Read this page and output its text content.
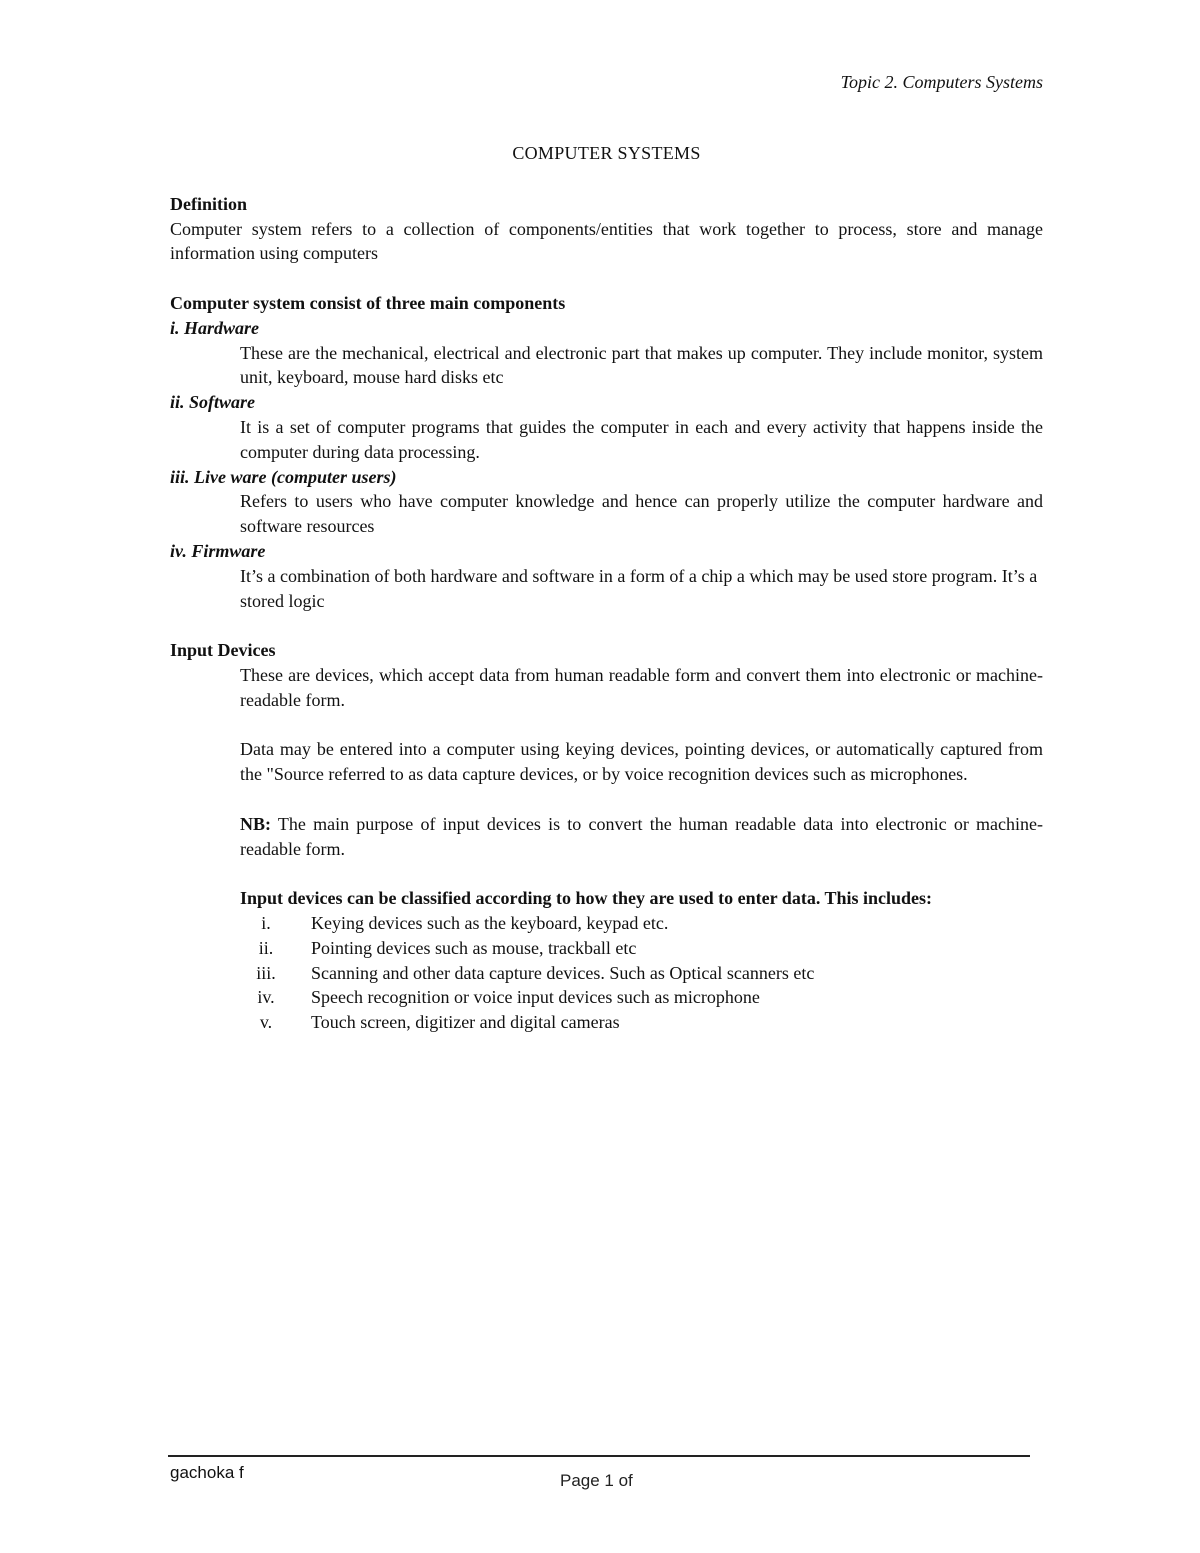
Topic 2. Computers Systems

COMPUTER SYSTEMS

Definition

Computer system refers to a collection of components/entities that work together to process, store and manage information using computers

Computer system consist of three main components

i. Hardware

These are the mechanical, electrical and electronic part that makes up computer. They include monitor, system unit, keyboard, mouse hard disks etc

ii. Software

It is a set of computer programs that guides the computer in each and every activity that happens inside the computer during data processing.

iii. Live ware (computer users)

Refers to users who have computer knowledge and hence can properly utilize the computer hardware and software resources

iv. Firmware

It’s a combination of both hardware and software in a form of a chip a which may be used store program. It’s a stored logic

Input Devices

These are devices, which accept data from human readable form and convert them into electronic or machine-readable form.

Data may be entered into a computer using keying devices, pointing devices, or automatically captured from the "Source referred to as data capture devices, or by voice recognition devices such as microphones.

NB: The main purpose of input devices is to convert the human readable data into electronic or machine-readable form.

Input devices can be classified according to how they are used to enter data. This includes:

i.	Keying devices such as the keyboard, keypad etc.
ii.	Pointing devices such as mouse, trackball etc
iii.	Scanning and other data capture devices. Such as Optical scanners etc
iv.	Speech recognition or voice input devices such as microphone
v.	Touch screen, digitizer and digital cameras
gachoka f	Page 1 of
